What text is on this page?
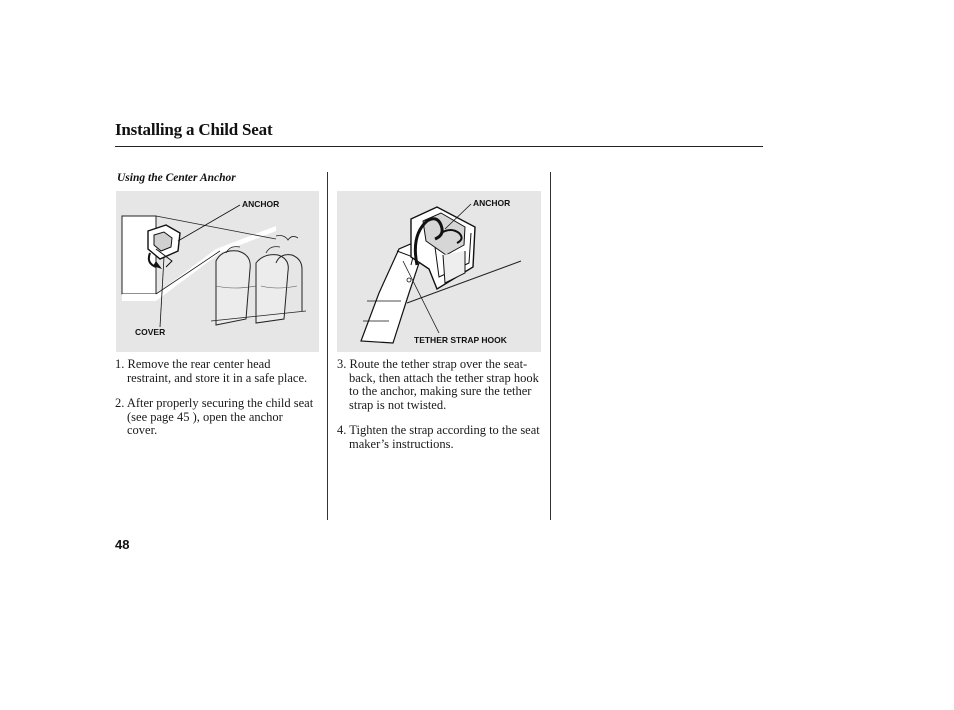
Installing a Child Seat
Using the Center Anchor
ANCHOR
COVER
ANCHOR
TETHER STRAP HOOK

1. Remove the rear center head restraint, and store it in a safe place.

2. After properly securing the child seat (see page 45 ), open the anchor cover.

3. Route the tether strap over the seat-back, then attach the tether strap hook to the anchor, making sure the tether strap is not twisted.

4. Tighten the strap according to the seat maker’s instructions.

48
